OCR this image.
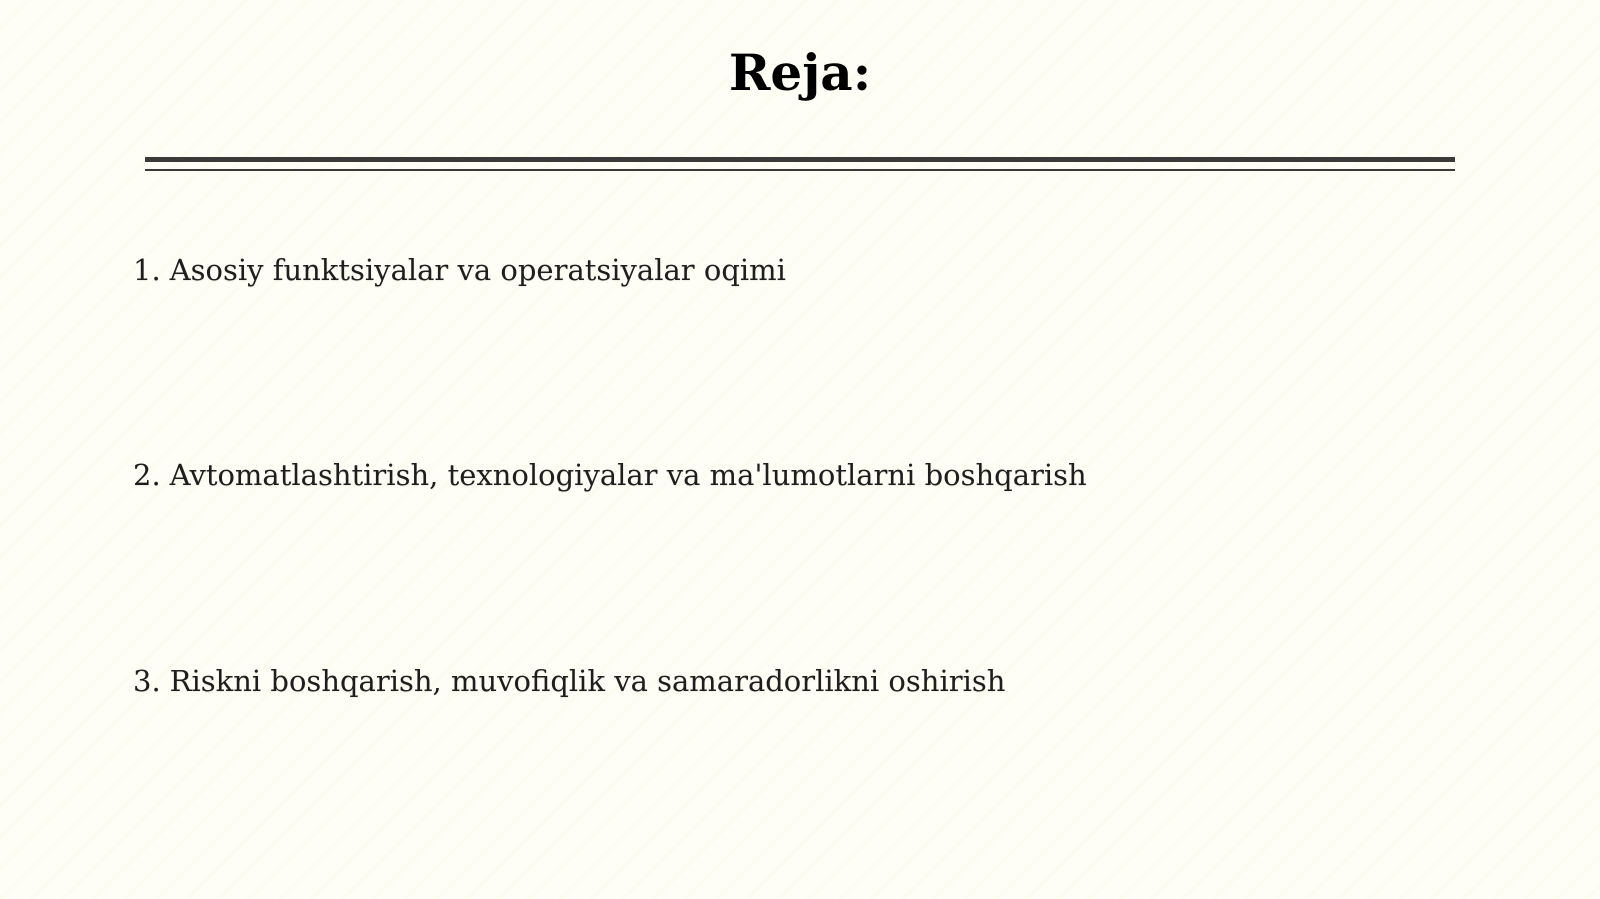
Reja:
1. Asosiy funktsiyalar va operatsiyalar oqimi
2. Avtomatlashtirish, texnologiyalar va ma'lumotlarni boshqarish
3. Riskni boshqarish, muvofiqlik va samaradorlikni oshirish
